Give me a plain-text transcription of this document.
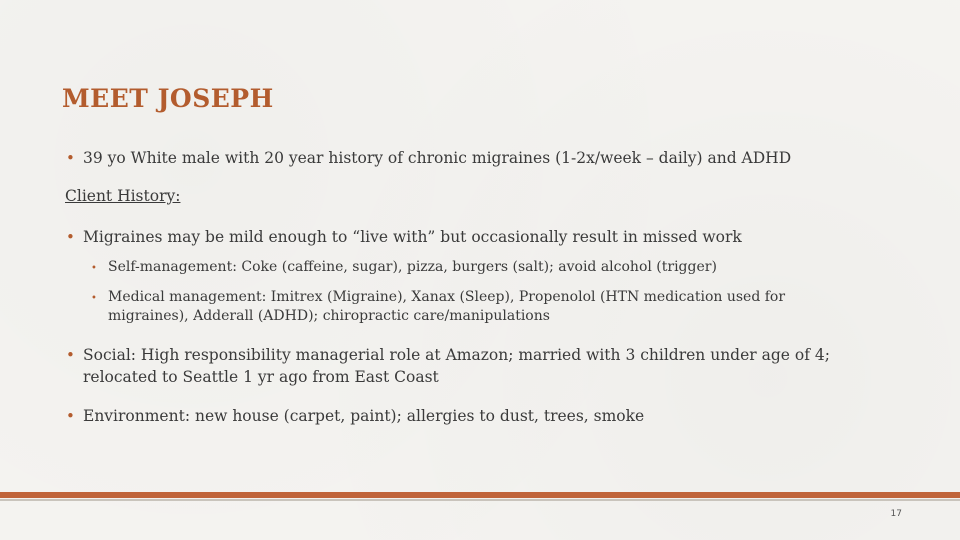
MEET JOSEPH
• 39 yo White male with 20 year history of chronic migraines (1-2x/week – daily) and ADHD
Client History:
• Migraines may be mild enough to “live with” but occasionally result in missed work
• Self-management: Coke (caffeine, sugar), pizza, burgers (salt); avoid alcohol (trigger)
• Medical management: Imitrex (Migraine), Xanax (Sleep), Propenolol (HTN medication used for
migraines), Adderall (ADHD); chiropractic care/manipulations
• Social: High responsibility managerial role at Amazon; married with 3 children under age of 4;
relocated to Seattle 1 yr ago from East Coast
• Environment: new house (carpet, paint); allergies to dust, trees, smoke
17
